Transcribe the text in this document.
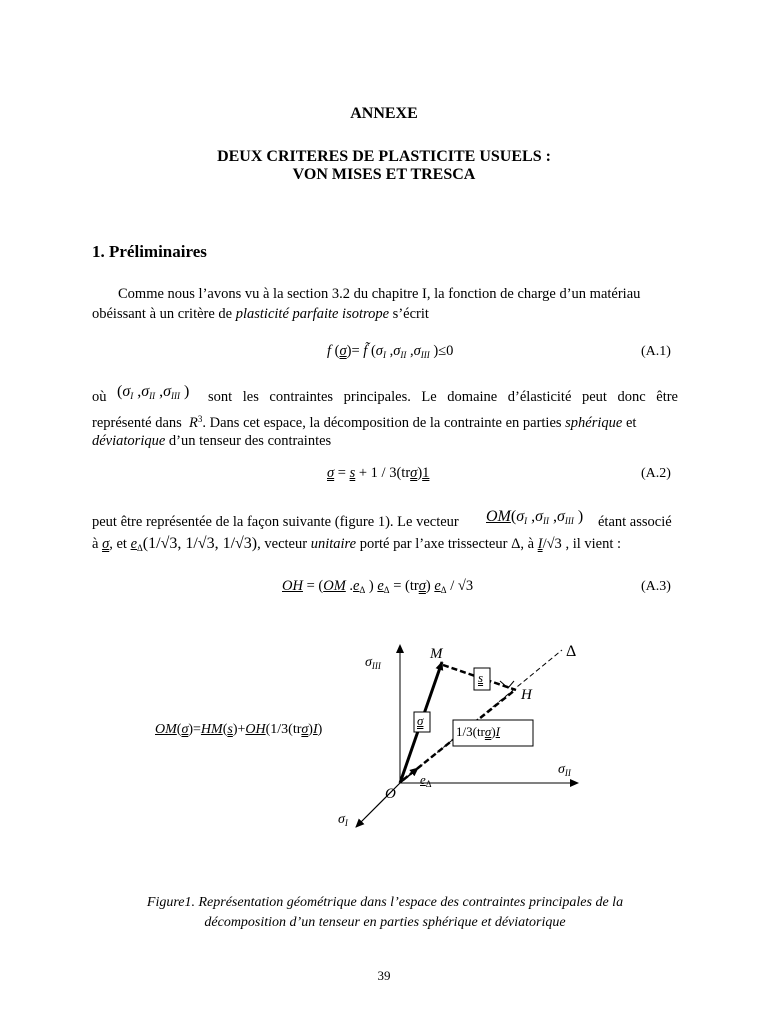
ANNEXE
DEUX CRITERES DE PLASTICITE USUELS :
VON MISES ET TRESCA
1. Préliminaires
Comme nous l’avons vu à la section 3.2 du chapitre I, la fonction de charge d’un matériau
obéissant à un critère de plasticité parfaite isotrope s’écrit
f (σ)= f̃ ($\sigma_I$ $,\sigma_{II}$ $,\sigma_{III}$ )≤0	(A.1)
où ($\sigma_I$ $,\sigma_{II}$ $,\sigma_{III}$ ) sont les contraintes principales. Le domaine d’élasticité peut donc être
représenté dans $R^3$. Dans cet espace, la décomposition de la contrainte en parties sphérique et
déviatorique d’un tenseur des contraintes
σ = s + 1 / 3(trσ)1	(A.2)
peut être représentée de la façon suivante (figure 1). Le vecteur $OM(\sigma_I$ $,\sigma_{II}$ $,\sigma_{III}$ ) étant associé
à σ, et $e_\Delta(1/√3$, 1/√3, 1/√3), vecteur unitaire porté par l’axe trissecteur Δ, à I/√3 , il vient :
OH = (OM $.e_\Delta$ ) $e_\Delta = (tr\sigma)$ $e_\Delta / √3$	(A.3)
$\sigma_{III}$
$\sigma_{II}$
$\sigma_I$
M
H
O
Δ
$e_\Delta$
σ
s
1/3(trσ)I
OM(σ)=HM(s)+OH(1/3(trσ)I)
Figure1. Représentation géométrique dans l’espace des contraintes principales de la
décomposition d’un tenseur en parties sphérique et déviatorique
39
